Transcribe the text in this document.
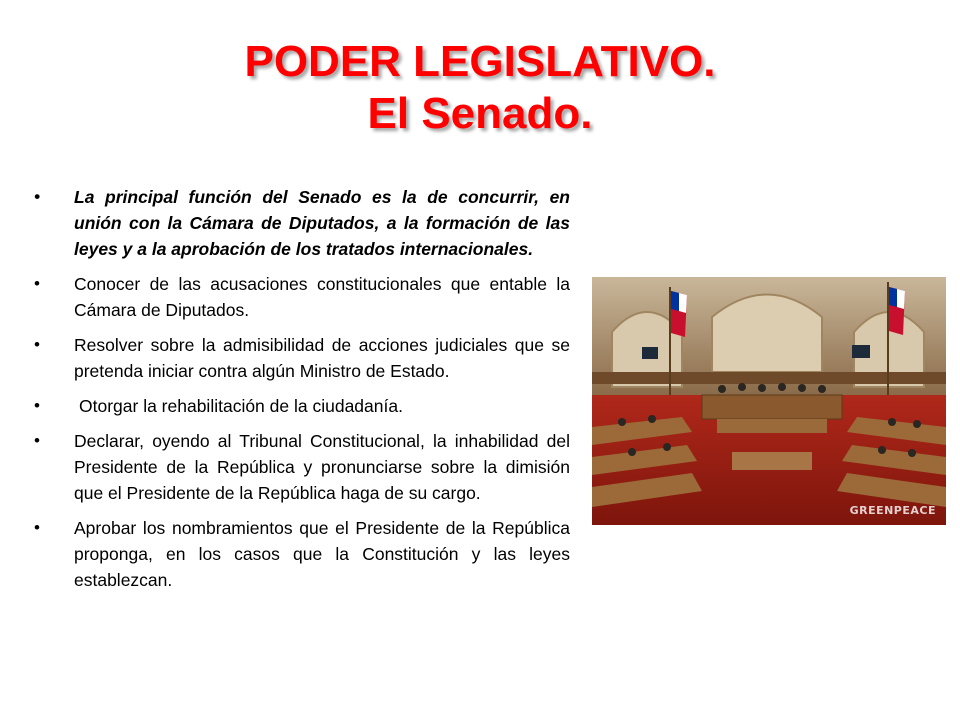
PODER LEGISLATIVO.
El Senado.
• La principal función del Senado es la de concurrir, en unión con la Cámara de Diputados, a la formación de las leyes y a la aprobación de los tratados internacionales.
• Conocer de las acusaciones constitucionales que entable la Cámara de Diputados.
• Resolver sobre la admisibilidad de acciones judiciales que se pretenda iniciar contra algún Ministro de Estado.
• Otorgar la rehabilitación de la ciudadanía.
• Declarar, oyendo al Tribunal Constitucional, la inhabilidad del Presidente de la República y pronunciarse sobre la dimisión que el Presidente de la República haga de su cargo.
• Aprobar los nombramientos que el Presidente de la República proponga, en los casos que la Constitución y las leyes establezcan.
GREENPEACE
